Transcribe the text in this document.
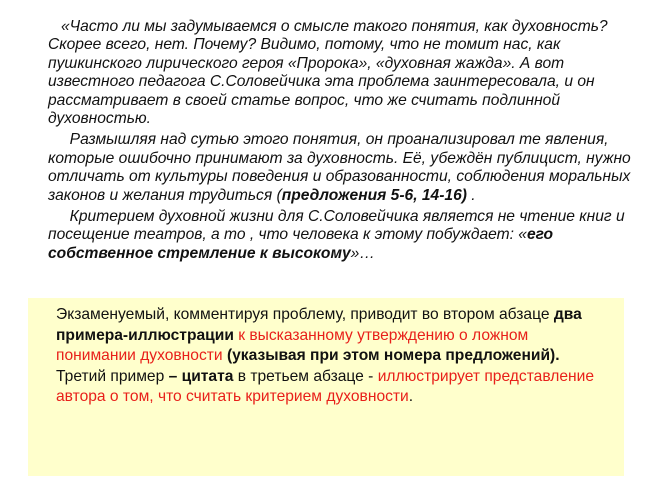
«Часто ли мы задумываемся о смысле такого понятия, как духовность? Скорее всего, нет. Почему? Видимо, потому, что не томит нас, как пушкинского лирического героя «Пророка», «духовная жажда». А вот известного педагога С.Соловейчика эта проблема заинтересовала, и он рассматривает в своей статье вопрос, что же считать подлинной духовностью.

Размышляя над сутью этого понятия, он проанализировал те явления, которые ошибочно принимают за духовность. Её, убеждён публицист, нужно отличать от культуры поведения и образованности, соблюдения моральных законов и желания трудиться (предложения 5-6, 14-16) .

Критерием духовной жизни для С.Соловейчика является не чтение книг и посещение театров, а то , что человека к этому побуждает: «его собственное стремление к высокому»…

Экзаменуемый, комментируя проблему, приводит во втором абзаце два примера-иллюстрации к высказанному утверждению о ложном понимании духовности (указывая при этом номера предложений). Третий пример – цитата в третьем абзаце - иллюстрирует представление автора о том, что считать критерием духовности.
